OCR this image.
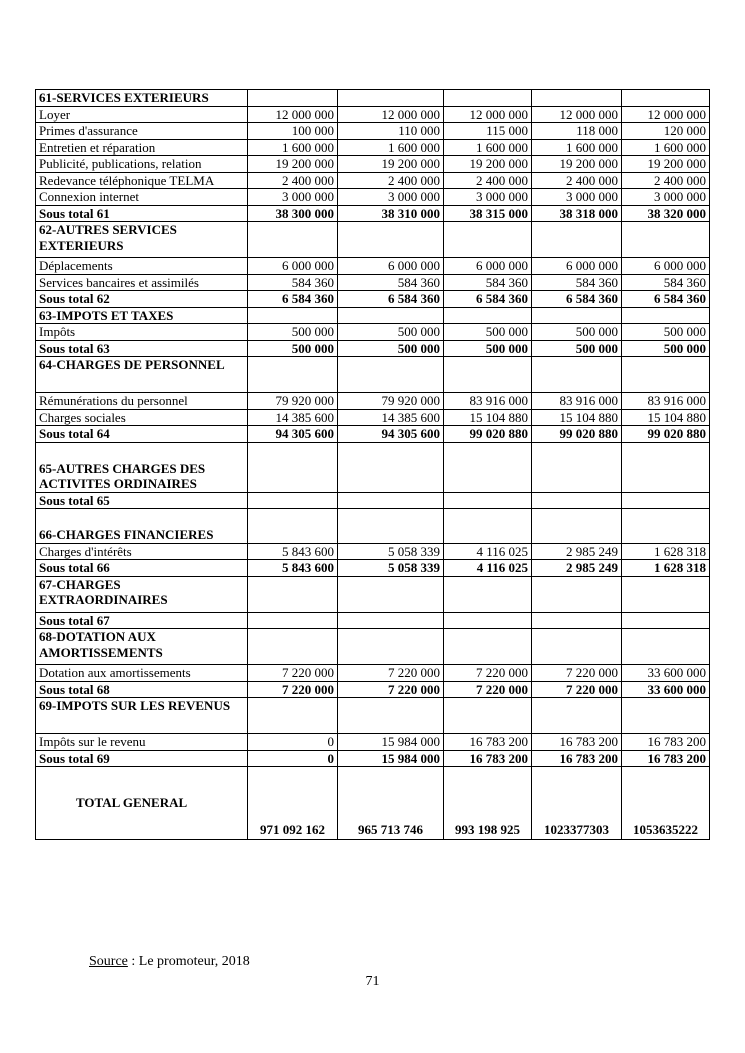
61-SERVICES EXTERIEURS					
Loyer	12 000 000	12 000 000	12 000 000	12 000 000	12 000 000
Primes d'assurance	100 000	110 000	115 000	118 000	120 000
Entretien et réparation	1 600 000	1 600 000	1 600 000	1 600 000	1 600 000
Publicité, publications, relation	19 200 000	19 200 000	19 200 000	19 200 000	19 200 000
Redevance téléphonique TELMA	2 400 000	2 400 000	2 400 000	2 400 000	2 400 000
Connexion internet	3 000 000	3 000 000	3 000 000	3 000 000	3 000 000
Sous total 61	38 300 000	38 310 000	38 315 000	38 318 000	38 320 000
62-AUTRES SERVICES EXTERIEURS					
Déplacements	6 000 000	6 000 000	6 000 000	6 000 000	6 000 000
Services bancaires et assimilés	584 360	584 360	584 360	584 360	584 360
Sous total 62	6 584 360	6 584 360	6 584 360	6 584 360	6 584 360
63-IMPOTS ET TAXES					
Impôts	500 000	500 000	500 000	500 000	500 000
Sous total 63	500 000	500 000	500 000	500 000	500 000
64-CHARGES DE PERSONNEL					
Rémunérations du personnel	79 920 000	79 920 000	83 916 000	83 916 000	83 916 000
Charges sociales	14 385 600	14 385 600	15 104 880	15 104 880	15 104 880
Sous total 64	94 305 600	94 305 600	99 020 880	99 020 880	99 020 880
65-AUTRES CHARGES DES ACTIVITES ORDINAIRES					
Sous total 65					
66-CHARGES FINANCIERES					
Charges d'intérêts	5 843 600	5 058 339	4 116 025	2 985 249	1 628 318
Sous total 66	5 843 600	5 058 339	4 116 025	2 985 249	1 628 318
67-CHARGES EXTRAORDINAIRES					
Sous total 67					
68-DOTATION AUX AMORTISSEMENTS					
Dotation aux amortissements	7 220 000	7 220 000	7 220 000	7 220 000	33 600 000
Sous total 68	7 220 000	7 220 000	7 220 000	7 220 000	33 600 000
69-IMPOTS SUR LES REVENUS					
Impôts sur le revenu	0	15 984 000	16 783 200	16 783 200	16 783 200
Sous total 69	0	15 984 000	16 783 200	16 783 200	16 783 200
TOTAL GENERAL	971 092 162	965 713 746	993 198 925	1023377303	1053635222
Source : Le promoteur, 2018
71
